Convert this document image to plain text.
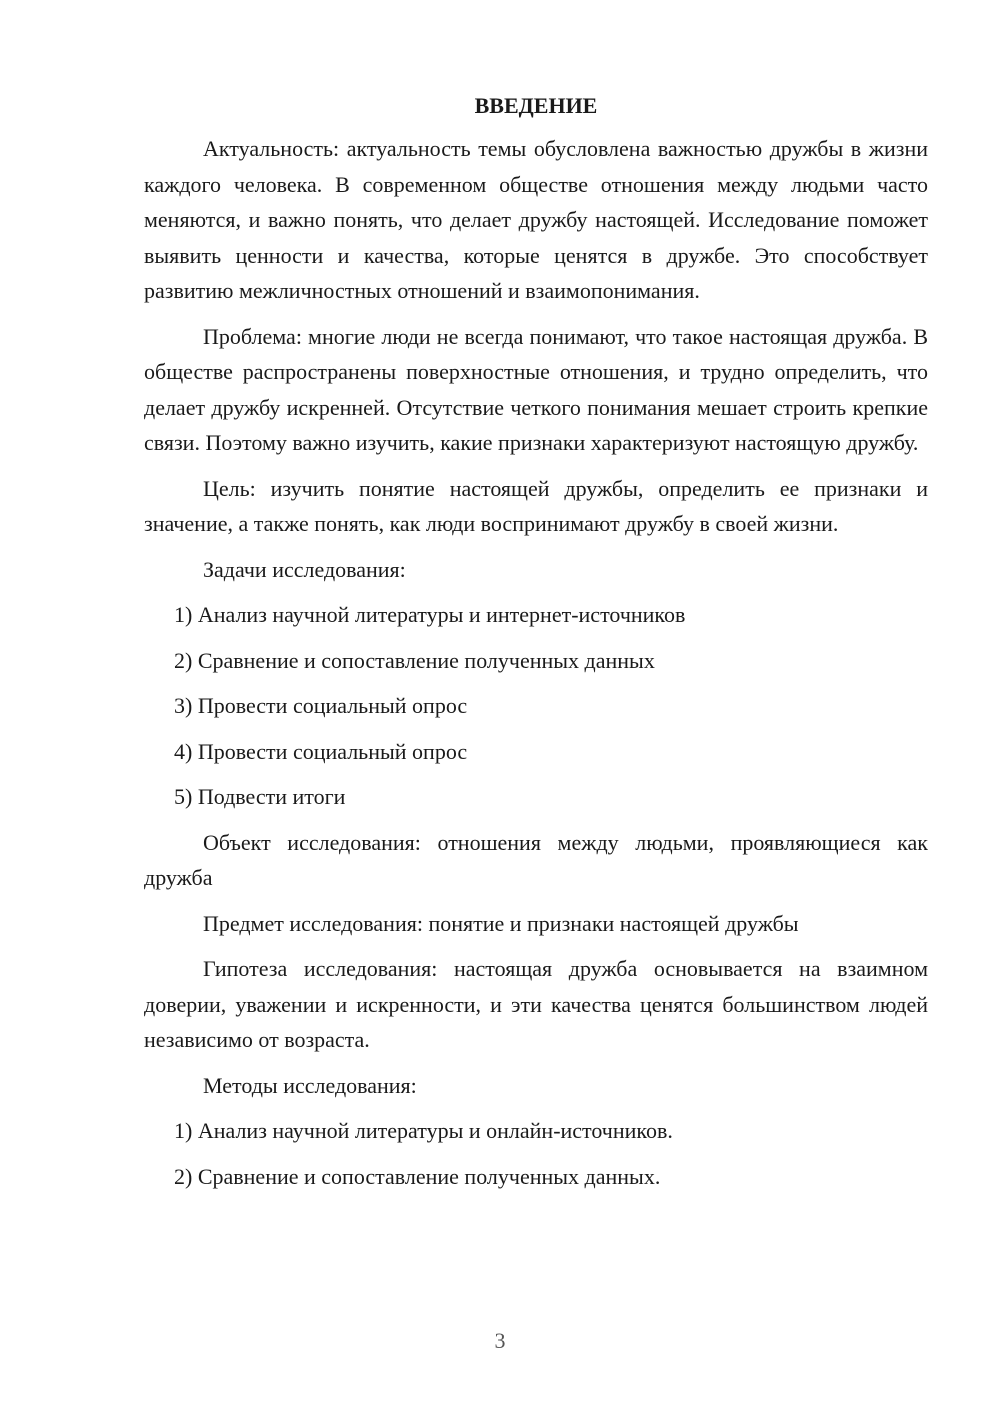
ВВЕДЕНИЕ

Актуальность: актуальность темы обусловлена важностью дружбы в жизни каждого человека. В современном обществе отношения между людьми часто меняются, и важно понять, что делает дружбу настоящей. Исследование поможет выявить ценности и качества, которые ценятся в дружбе. Это способствует развитию межличностных отношений и взаимопонимания.

Проблема: многие люди не всегда понимают, что такое настоящая дружба. В обществе распространены поверхностные отношения, и трудно определить, что делает дружбу искренней. Отсутствие четкого понимания мешает строить крепкие связи. Поэтому важно изучить, какие признаки характеризуют настоящую дружбу.

Цель: изучить понятие настоящей дружбы, определить ее признаки и значение, а также понять, как люди воспринимают дружбу в своей жизни.

Задачи исследования:

1) Анализ научной литературы и интернет-источников
2) Сравнение и сопоставление полученных данных
3) Провести социальный опрос
4) Провести социальный опрос
5) Подвести итоги

Объект исследования: отношения между людьми, проявляющиеся как дружба

Предмет исследования: понятие и признаки настоящей дружбы

Гипотеза исследования: настоящая дружба основывается на взаимном доверии, уважении и искренности, и эти качества ценятся большинством людей независимо от возраста.

Методы исследования:

1) Анализ научной литературы и онлайн-источников.
2) Сравнение и сопоставление полученных данных.
3
